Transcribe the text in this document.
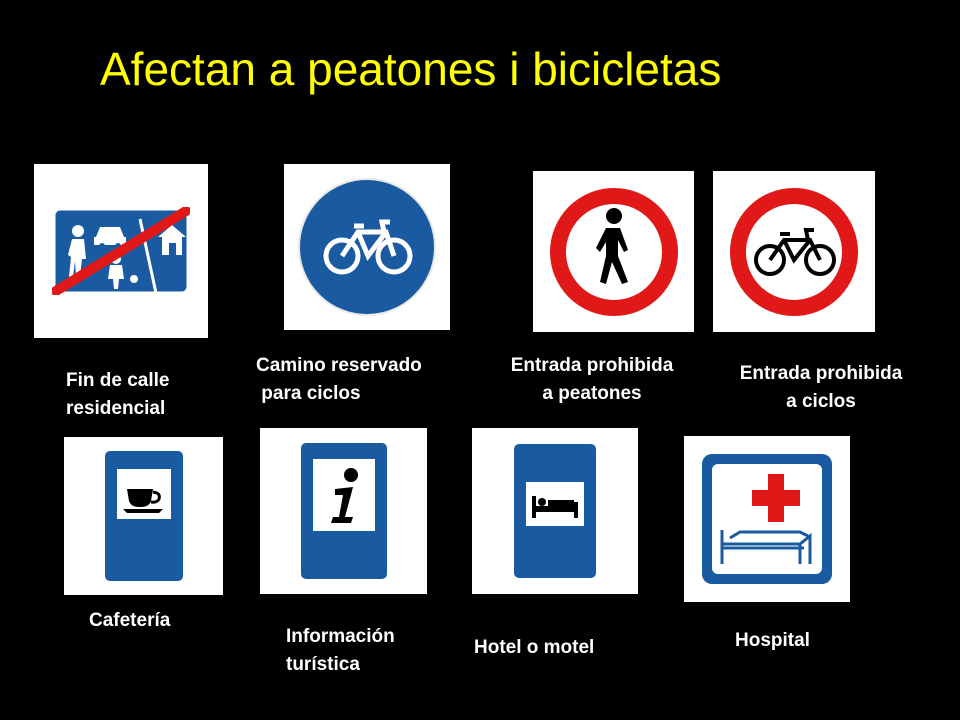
Afectan a peatones i bicicletas
Fin de calle
residencial
Camino reservado
para ciclos
Entrada prohibida
a peatones
Entrada prohibida
a ciclos
Cafetería
Información
turística
Hotel o motel	Hospital
